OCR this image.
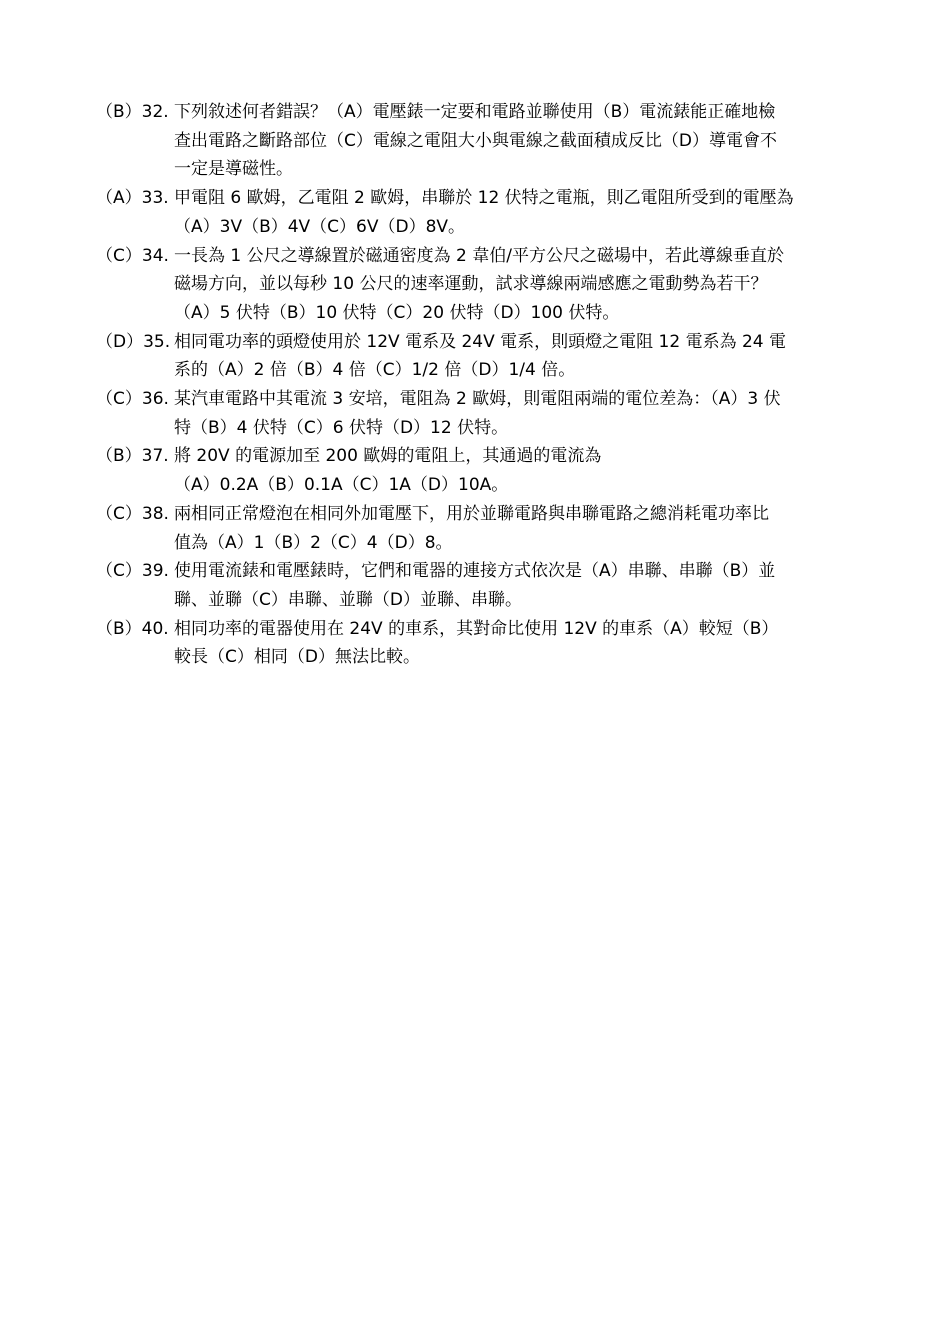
（B）32. 下列敘述何者錯誤？（A）電壓錶一定要和電路並聯使用（B）電流錶能正確地檢
查出電路之斷路部位（C）電線之電阻大小與電線之截面積成反比（D）導電會不
一定是導磁性。
（A）33. 甲電阻 6 歐姆，乙電阻 2 歐姆，串聯於 12 伏特之電瓶，則乙電阻所受到的電壓為
（A）3V（B）4V（C）6V（D）8V。
（C）34. 一長為 1 公尺之導線置於磁通密度為 2 韋伯/平方公尺之磁場中，若此導線垂直於
磁場方向，並以每秒 10 公尺的速率運動，試求導線兩端感應之電動勢為若干？
（A）5 伏特（B）10 伏特（C）20 伏特（D）100 伏特。
（D）35. 相同電功率的頭燈使用於 12V 電系及 24V 電系，則頭燈之電阻 12 電系為 24 電
系的（A）2 倍（B）4 倍（C）1/2 倍（D）1/4 倍。
（C）36. 某汽車電路中其電流 3 安培，電阻為 2 歐姆，則電阻兩端的電位差為：（A）3 伏
特（B）4 伏特（C）6 伏特（D）12 伏特。
（B）37. 將 20V 的電源加至 200 歐姆的電阻上，其通過的電流為
（A）0.2A（B）0.1A（C）1A（D）10A。
（C）38. 兩相同正常燈泡在相同外加電壓下，用於並聯電路與串聯電路之總消耗電功率比
值為（A）1（B）2（C）4（D）8。
（C）39. 使用電流錶和電壓錶時，它們和電器的連接方式依次是（A）串聯、串聯（B）並
聯、並聯（C）串聯、並聯（D）並聯、串聯。
（B）40. 相同功率的電器使用在 24V 的車系，其對命比使用 12V 的車系（A）較短（B）
較長（C）相同（D）無法比較。
